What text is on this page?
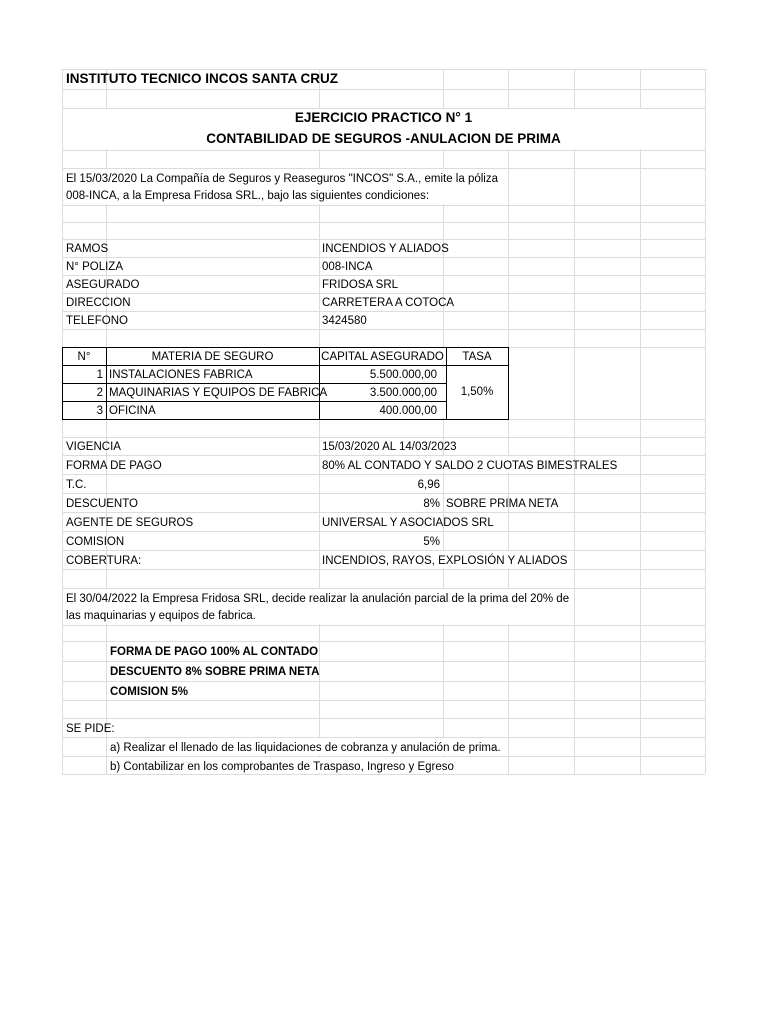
INSTITUTO TECNICO INCOS SANTA CRUZ
EJERCICIO PRACTICO N° 1
CONTABILIDAD DE SEGUROS -ANULACION DE PRIMA
El 15/03/2020 La Compañía de Seguros y Reaseguros "INCOS" S.A., emite la póliza
008-INCA, a la Empresa Fridosa SRL., bajo las siguientes condiciones:
RAMOS	INCENDIOS Y ALIADOS
N° POLIZA	008-INCA
ASEGURADO	FRIDOSA SRL
DIRECCION	CARRETERA A COTOCA
TELEFONO	3424580
N°	MATERIA DE SEGURO	CAPITAL ASEGURADO	TASA
1 INSTALACIONES FABRICA	5.500.000,00
2 MAQUINARIAS Y EQUIPOS DE FABRICA	3.500.000,00
3 OFICINA	400.000,00
1,50%
VIGENCIA	15/03/2020 AL 14/03/2023
FORMA DE PAGO	80% AL CONTADO Y SALDO 2 CUOTAS BIMESTRALES
T.C.	6,96
DESCUENTO	8% SOBRE PRIMA NETA
AGENTE DE SEGUROS	UNIVERSAL Y ASOCIADOS SRL
COMISION	5%
COBERTURA:	INCENDIOS, RAYOS, EXPLOSIÓN Y ALIADOS
El 30/04/2022 la Empresa Fridosa SRL, decide realizar la anulación parcial de la prima del 20% de
las maquinarias y equipos de fabrica.
FORMA DE PAGO 100% AL CONTADO
DESCUENTO 8% SOBRE PRIMA NETA
COMISION 5%
SE PIDE:
a) Realizar el llenado de las liquidaciones de cobranza y anulación de prima.
b) Contabilizar en los comprobantes de Traspaso, Ingreso y Egreso
